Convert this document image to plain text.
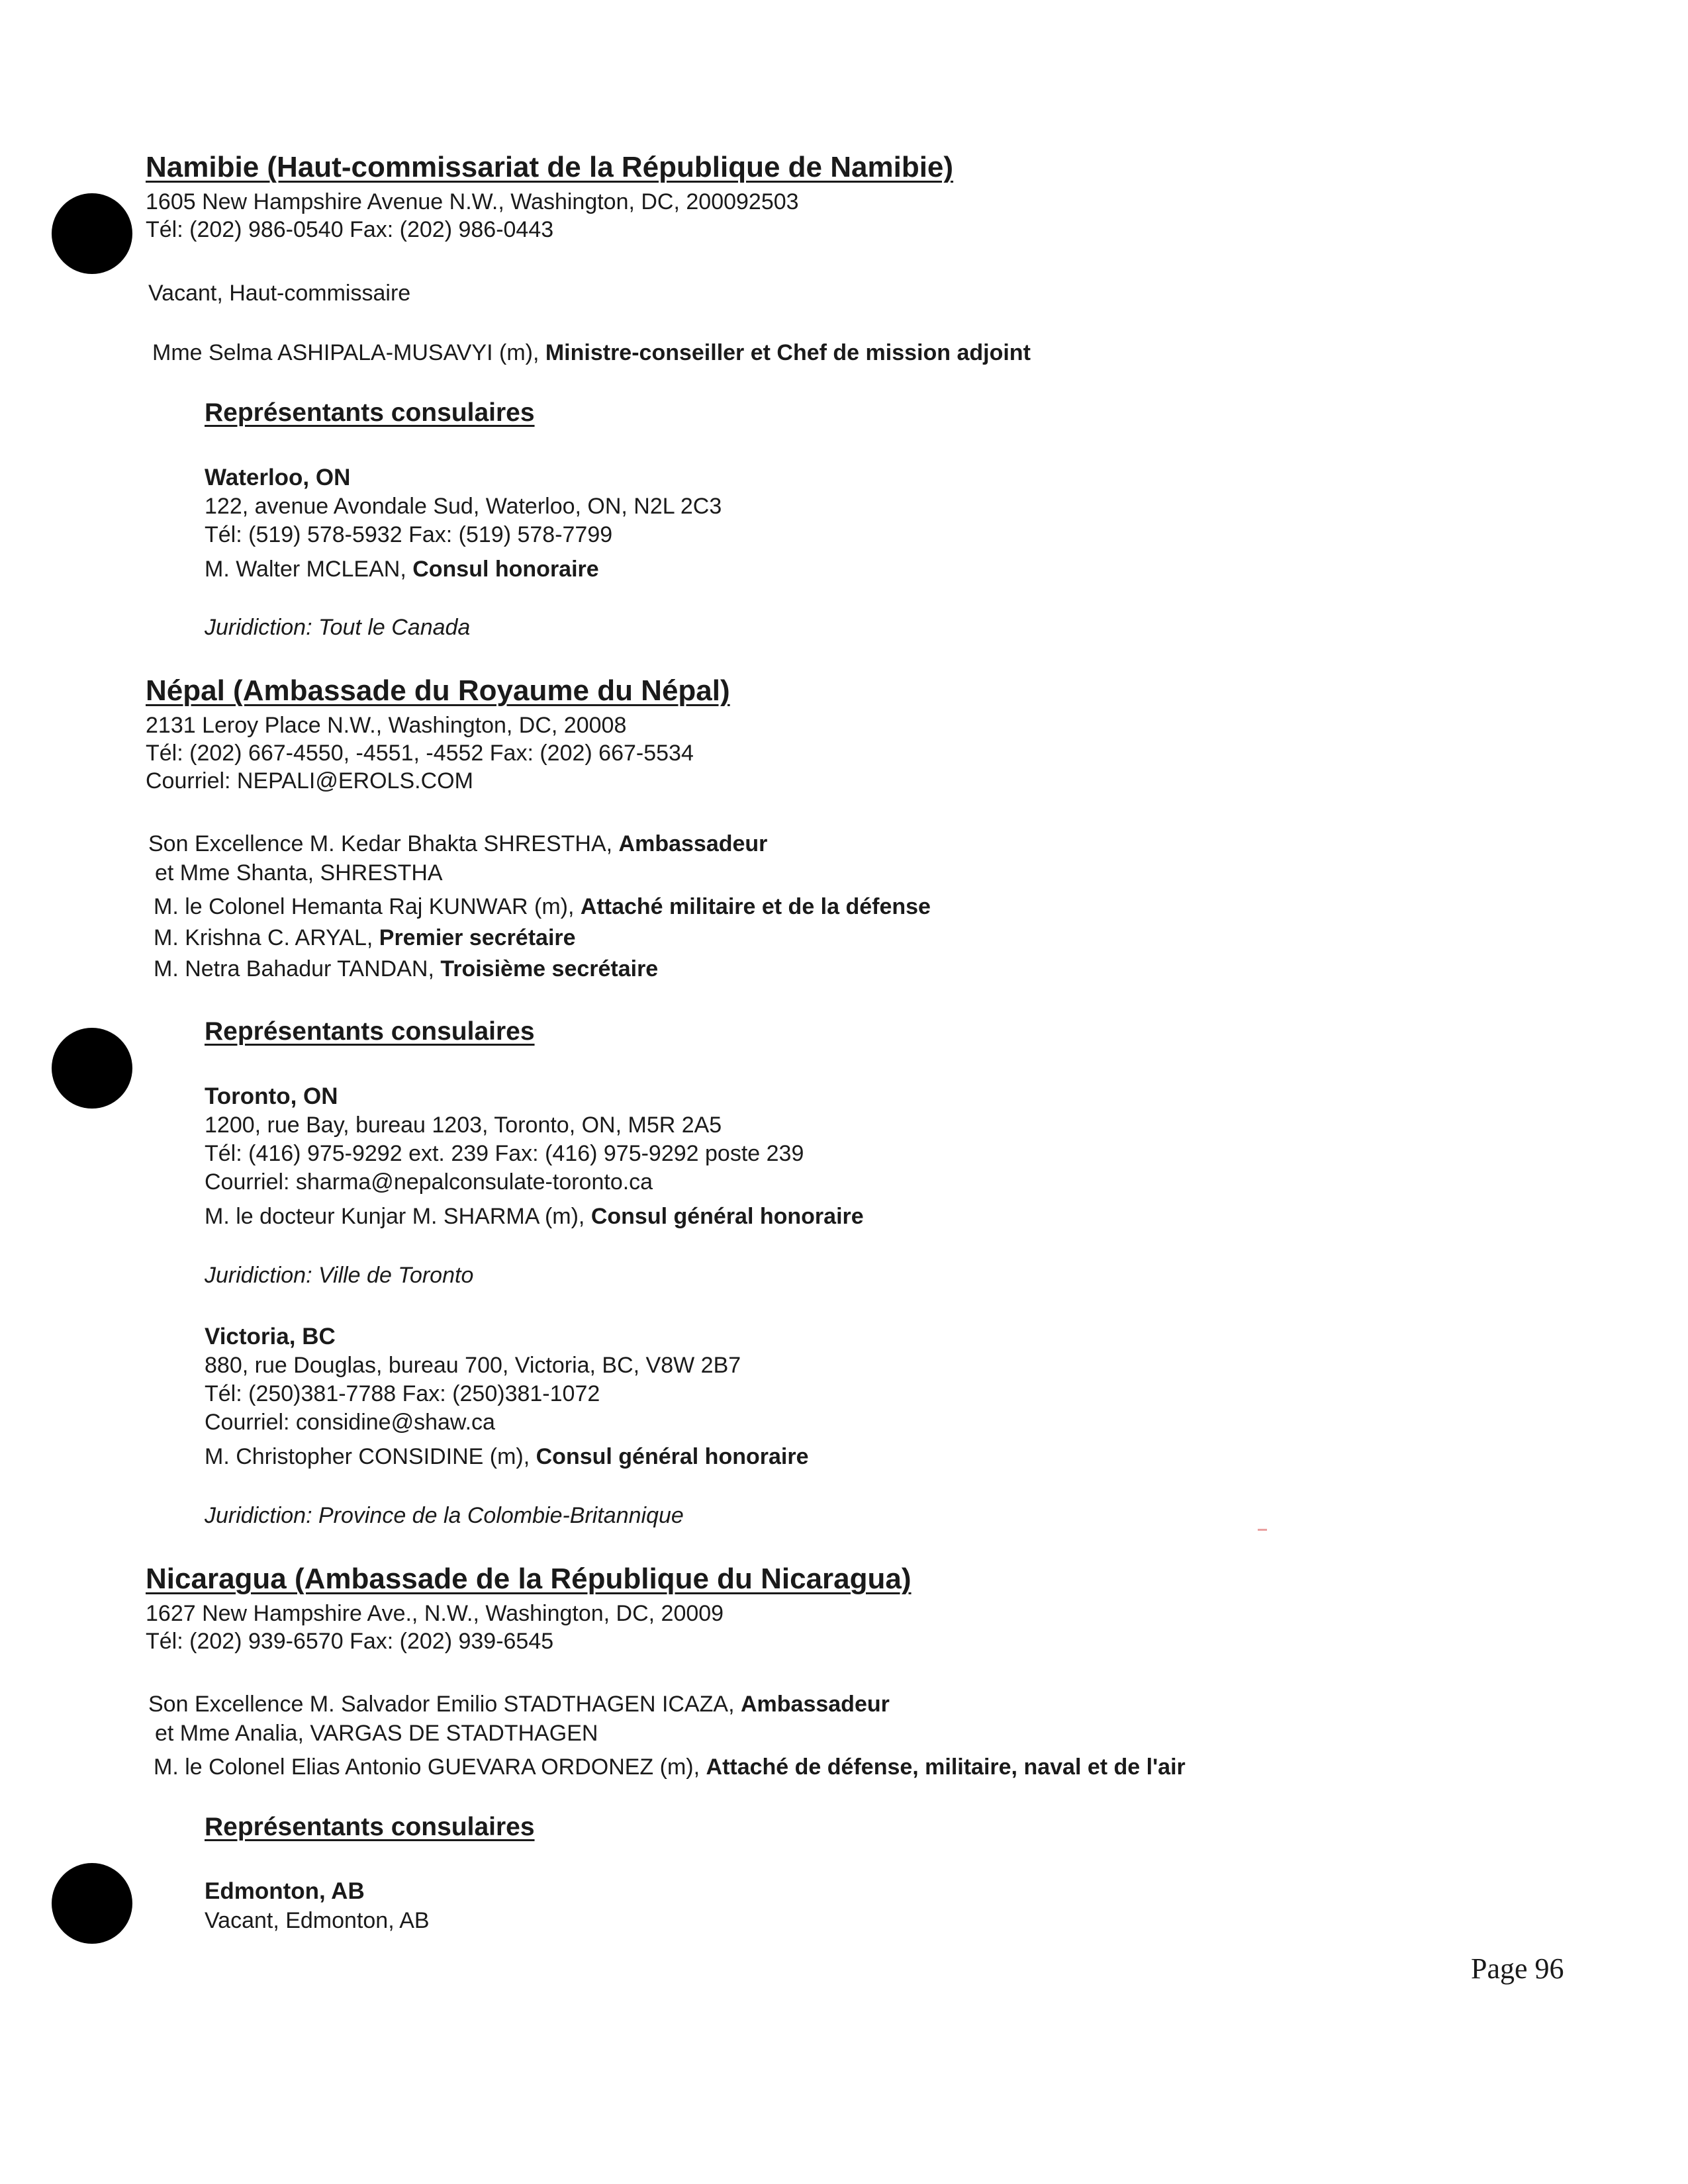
Namibie (Haut-commissariat de la République de Namibie)
1605 New Hampshire Avenue N.W., Washington, DC, 200092503
Tél: (202) 986-0540 Fax: (202) 986-0443
Vacant, Haut-commissaire
Mme Selma ASHIPALA-MUSAVYI (m), Ministre-conseiller et Chef de mission adjoint
Représentants consulaires
Waterloo, ON
122, avenue Avondale Sud, Waterloo, ON, N2L 2C3
Tél: (519) 578-5932 Fax: (519) 578-7799
M. Walter MCLEAN, Consul honoraire
Juridiction: Tout le Canada
Népal (Ambassade du Royaume du Népal)
2131 Leroy Place N.W., Washington, DC, 20008
Tél: (202) 667-4550, -4551, -4552 Fax: (202) 667-5534
Courriel: NEPALI@EROLS.COM
Son Excellence M. Kedar Bhakta SHRESTHA, Ambassadeur
et Mme Shanta, SHRESTHA
M. le Colonel Hemanta Raj KUNWAR (m), Attaché militaire et de la défense
M. Krishna C. ARYAL, Premier secrétaire
M. Netra Bahadur TANDAN, Troisième secrétaire
Représentants consulaires
Toronto, ON
1200, rue Bay, bureau 1203, Toronto, ON, M5R 2A5
Tél: (416) 975-9292 ext. 239 Fax: (416) 975-9292 poste 239
Courriel: sharma@nepalconsulate-toronto.ca
M. le docteur Kunjar M. SHARMA (m), Consul général honoraire
Juridiction: Ville de Toronto
Victoria, BC
880, rue Douglas, bureau 700, Victoria, BC, V8W 2B7
Tél: (250)381-7788 Fax: (250)381-1072
Courriel: considine@shaw.ca
M. Christopher CONSIDINE (m), Consul général honoraire
Juridiction: Province de la Colombie-Britannique
Nicaragua (Ambassade de la République du Nicaragua)
1627 New Hampshire Ave., N.W., Washington, DC, 20009
Tél: (202) 939-6570 Fax: (202) 939-6545
Son Excellence M. Salvador Emilio STADTHAGEN ICAZA, Ambassadeur
et Mme Analia, VARGAS DE STADTHAGEN
M. le Colonel Elias Antonio GUEVARA ORDONEZ (m), Attaché de défense, militaire, naval et de l'air
Représentants consulaires
Edmonton, AB
Vacant, Edmonton, AB
Page 96
